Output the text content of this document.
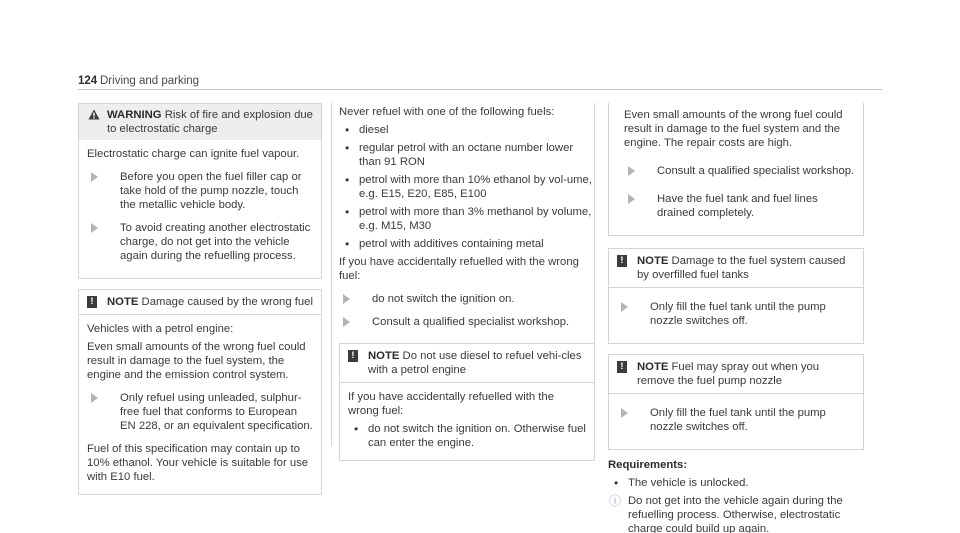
124 Driving and parking
WARNING Risk of fire and explosion due to electrostatic charge

Electrostatic charge can ignite fuel vapour.

Before you open the fuel filler cap or take hold of the pump nozzle, touch the metallic vehicle body.
To avoid creating another electrostatic charge, do not get into the vehicle again during the refuelling process.
!	NOTE Damage caused by the wrong fuel

Vehicles with a petrol engine:

Even small amounts of the wrong fuel could result in damage to the fuel system, the engine and the emission control system.

Only refuel using unleaded, sulphur-free fuel that conforms to European EN 228, or an equivalent specification.

Fuel of this specification may contain up to 10% ethanol. Your vehicle is suitable for use with E10 fuel.

Never refuel with one of the following fuels:

• diesel
• regular petrol with an octane number lower than 91 RON
• petrol with more than 10% ethanol by vol-ume, e.g. E15, E20, E85, E100
• petrol with more than 3% methanol by volume, e.g. M15, M30
• petrol with additives containing metal

If you have accidentally refuelled with the wrong fuel:

do not switch the ignition on.
Consult a qualified specialist workshop.
!	NOTE Do not use diesel to refuel vehi-cles with a petrol engine

If you have accidentally refuelled with the wrong fuel:

• do not switch the ignition on. Otherwise fuel can enter the engine.

Even small amounts of the wrong fuel could result in damage to the fuel system and the engine. The repair costs are high.

Consult a qualified specialist workshop.
Have the fuel tank and fuel lines drained completely.
!	NOTE Damage to the fuel system caused by overfilled fuel tanks
Only fill the fuel tank until the pump nozzle switches off.
!	NOTE Fuel may spray out when you remove the fuel pump nozzle
Only fill the fuel tank until the pump nozzle switches off.
Requirements:
• The vehicle is unlocked.
ⓘ Do not get into the vehicle again during the refuelling process. Otherwise, electrostatic charge could build up again.
